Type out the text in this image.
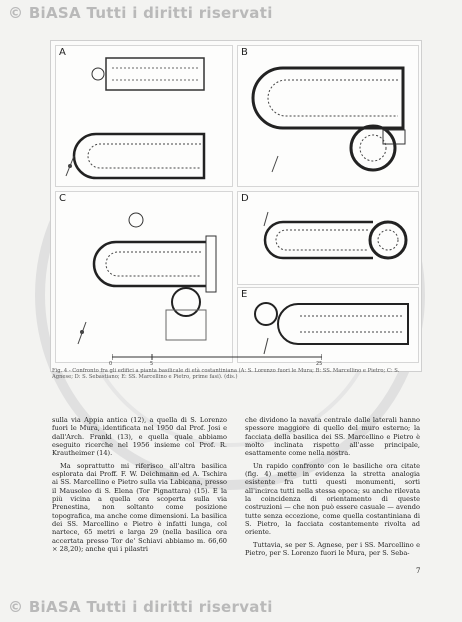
© BiASA Tutti i diritti riservati
A	B
C	D
E
0	5	25
Fig. 4 - Confronto fra gli edifici a pianta basilicale di età costantiniana (A: S. Lorenzo fuori le Mura; B: SS. Marcellino e Pietro; C: S. Agnese; D: S. Sebastiano; E: SS. Marcellino e Pietro, prime fasi). (dis.)

sulla via Appia antica (12), a quella di S. Lorenzo fuori le Mura, identificata nel 1950 dal Prof. Josi e dall'Arch. Frankl (13), e quella quale abbiamo eseguito ricerche nel 1956 insieme col Prof. R. Krautheimer (14).

Ma soprattutto mi riferisco all'altra basilica esplorata dai Proff. F. W. Deichmann ed A. Tschira ai SS. Marcellino e Pietro sulla via Labicana, presso il Mausoleo di S. Elena (Tor Pignattara) (15). E la più vicina a quella ora scoperta sulla via Prenestina, non soltanto come posizione topografica, ma anche come dimensioni. La basilica dei SS. Marcellino e Pietro è infatti lunga, col nartece, 65 metri e larga 29 (nella basilica ora accertata presso Tor de' Schiavi abbiamo m. 66,60 × 28,20); anche qui i pilastri

che dividono la navata centrale dalle laterali hanno spessore maggiore di quello del muro esterno; la facciata della basilica dei SS. Marcellino e Pietro è molto inclinata rispetto all'asse principale, esattamente come nella nostra.

Un rapido confronto con le basiliche ora citate (fig. 4) mette in evidenza la stretta analogia esistente fra tutti questi monumenti, sorti all'incirca tutti nella stessa epoca; su anche rilevata la coincidenza di orientamento di queste costruzioni — che non può essere casuale — avendo tutte senza eccezione, come quella costantiniana di S. Pietro, la facciata costantemente rivolta ad oriente.

Tuttavia, se per S. Agnese, per i SS. Marcellino e Pietro, per S. Lorenzo fuori le Mura, per S. Seba-

7
© BiASA Tutti i diritti riservati
